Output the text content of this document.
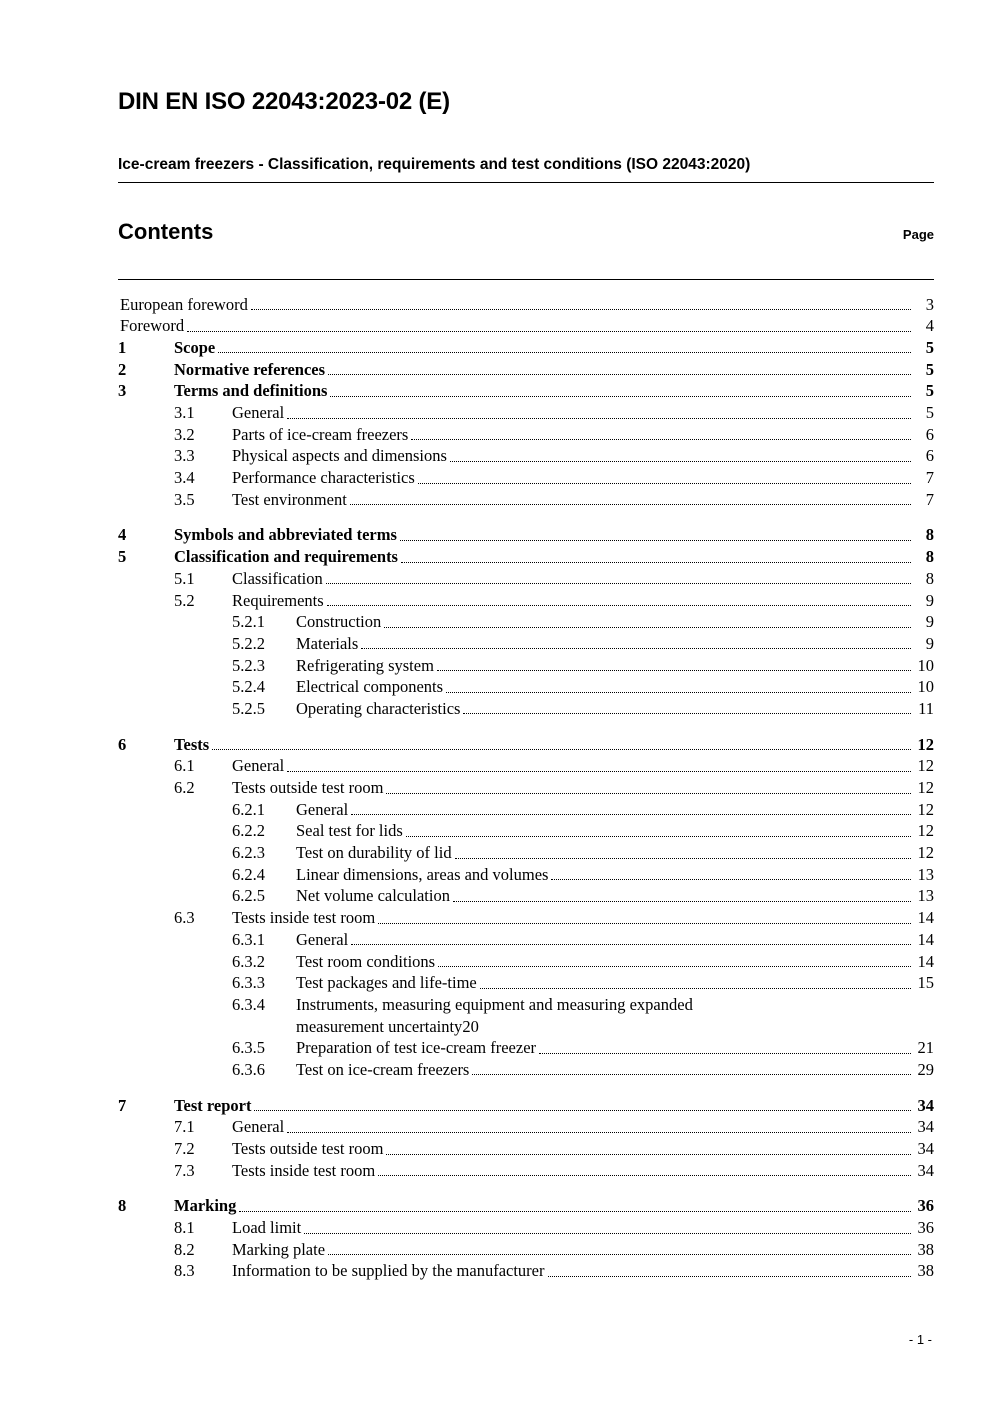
DIN EN ISO 22043:2023-02 (E)
Ice-cream freezers - Classification, requirements and test conditions (ISO 22043:2020)
Contents	Page
European foreword	3
Foreword	4
1	Scope	5
2	Normative references	5
3	Terms and definitions	5
3.1	General	5
3.2	Parts of ice-cream freezers	6
3.3	Physical aspects and dimensions	6
3.4	Performance characteristics	7
3.5	Test environment	7
4	Symbols and abbreviated terms	8
5	Classification and requirements	8
5.1	Classification	8
5.2	Requirements	9
5.2.1	Construction	9
5.2.2	Materials	9
5.2.3	Refrigerating system	10
5.2.4	Electrical components	10
5.2.5	Operating characteristics	11
6	Tests	12
6.1	General	12
6.2	Tests outside test room	12
6.2.1	General	12
6.2.2	Seal test for lids	12
6.2.3	Test on durability of lid	12
6.2.4	Linear dimensions, areas and volumes	13
6.2.5	Net volume calculation	13
6.3	Tests inside test room	14
6.3.1	General	14
6.3.2	Test room conditions	14
6.3.3	Test packages and life-time	15
6.3.4	Instruments, measuring equipment and measuring expanded
measurement uncertainty 20
6.3.5	Preparation of test ice-cream freezer	21
6.3.6	Test on ice-cream freezers	29
7	Test report	34
7.1	General	34
7.2	Tests outside test room	34
7.3	Tests inside test room	34
8	Marking	36
8.1	Load limit	36
8.2	Marking plate	38
8.3	Information to be supplied by the manufacturer	38
- 1 -
